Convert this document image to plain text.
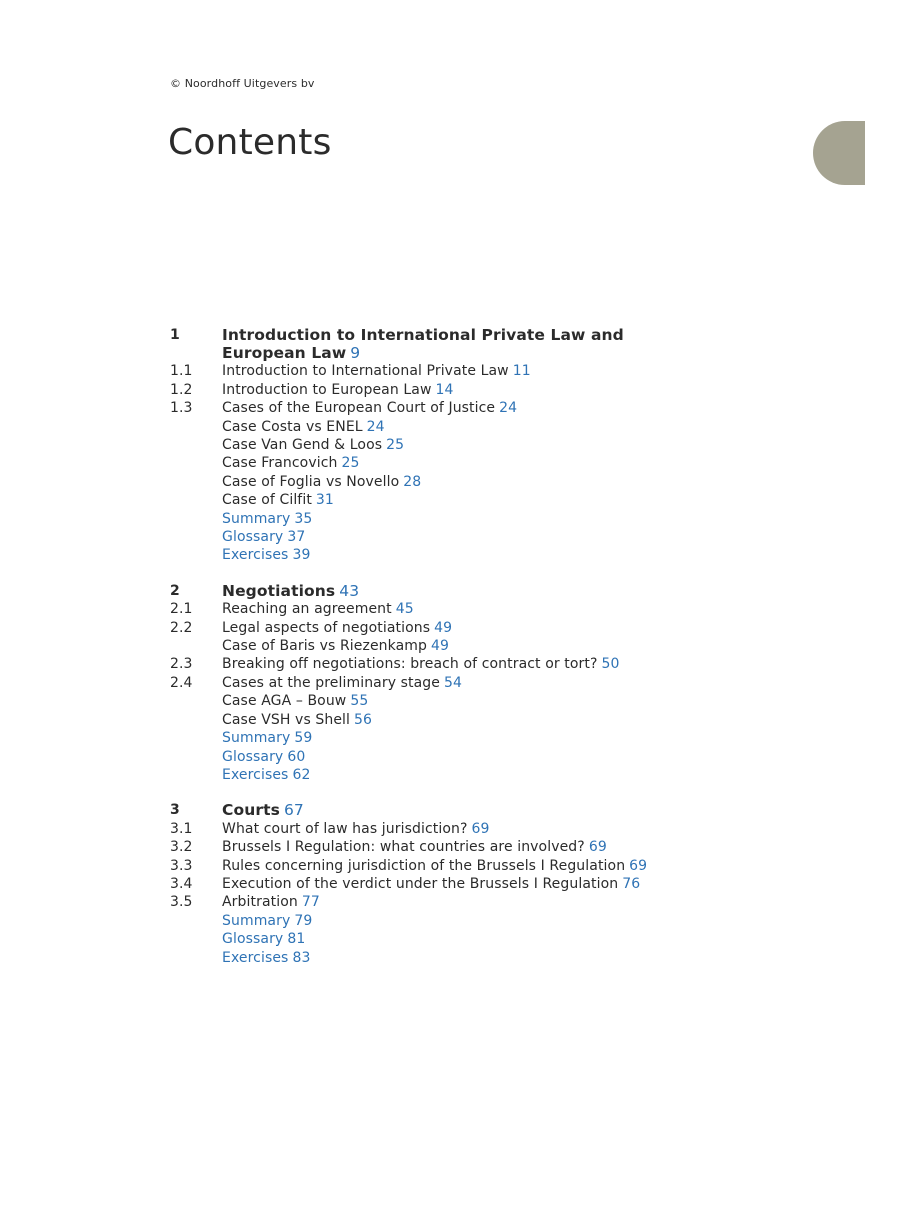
© Noordhoff Uitgevers bv
Contents
1	Introduction to International Private Law and European Law 9
1.1	Introduction to International Private Law 11
1.2	Introduction to European Law 14
1.3	Cases of the European Court of Justice 24
Case Costa vs ENEL 24
Case Van Gend & Loos 25
Case Francovich 25
Case of Foglia vs Novello 28
Case of Cilfit 31
Summary 35
Glossary 37
Exercises 39
2	Negotiations 43
2.1	Reaching an agreement 45
2.2	Legal aspects of negotiations 49
Case of Baris vs Riezenkamp 49
2.3	Breaking off negotiations: breach of contract or tort? 50
2.4	Cases at the preliminary stage 54
Case AGA – Bouw 55
Case VSH vs Shell 56
Summary 59
Glossary 60
Exercises 62
3	Courts 67
3.1	What court of law has jurisdiction? 69
3.2	Brussels I Regulation: what countries are involved? 69
3.3	Rules concerning jurisdiction of the Brussels I Regulation 69
3.4	Execution of the verdict under the Brussels I Regulation 76
3.5	Arbitration 77
Summary 79
Glossary 81
Exercises 83
